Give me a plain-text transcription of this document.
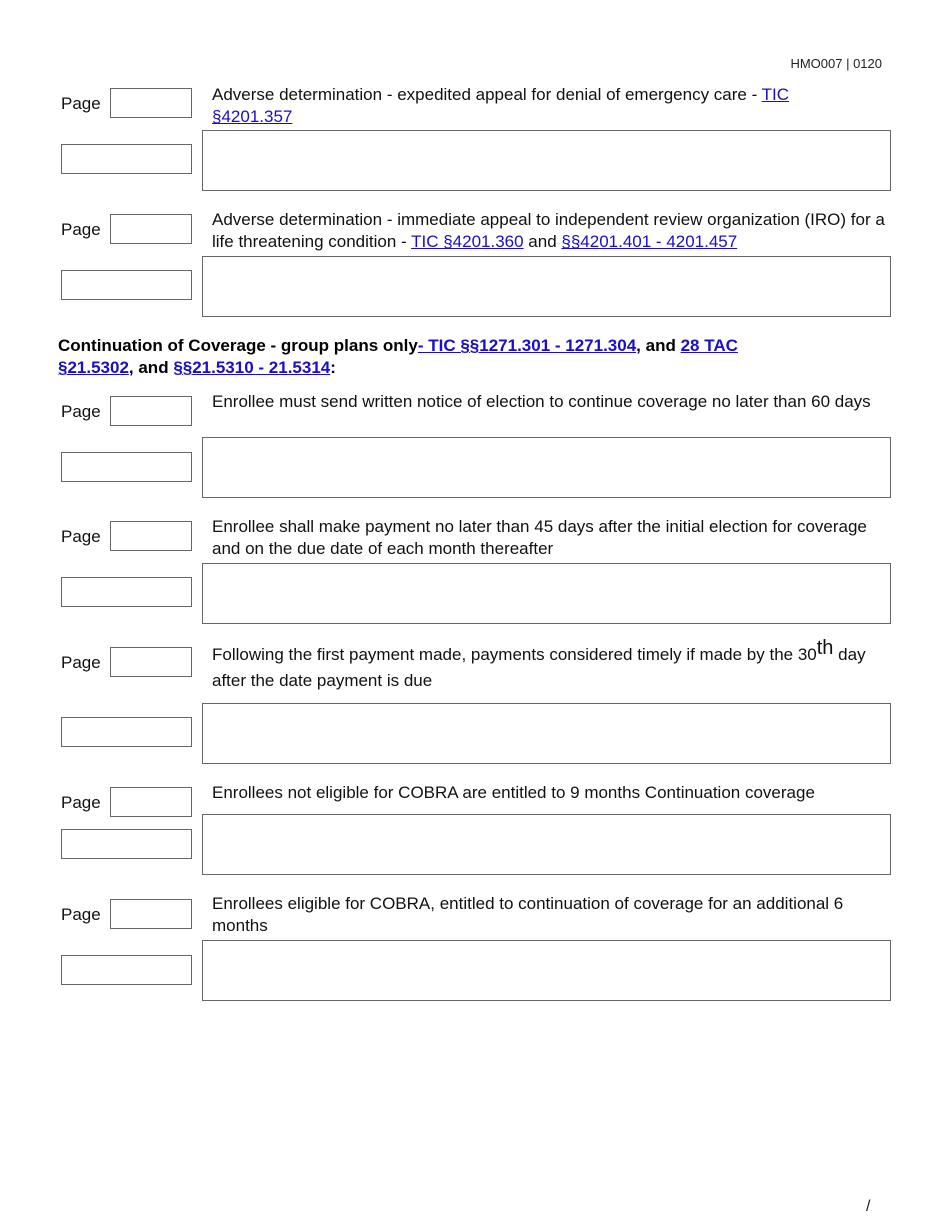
HMO007 | 0120
Page	Adverse determination - expedited appeal for denial of emergency care - TIC
§4201.357
Page
Adverse determination - immediate appeal to independent review organization (IRO) for a life threatening condition - TIC §4201.360 and §§4201.401 - 4201.457
Continuation of Coverage - group plans only- TIC §§1271.301 - 1271.304, and 28 TAC
§21.5302, and §§21.5310 - 21.5314:
Page
Enrollee must send written notice of election to continue coverage no later than 60 days
Page
Enrollee shall make payment no later than 45 days after the initial election for coverage and on the due date of each month thereafter
Page	Following the first payment made, payments considered timely if made by the 30th day after the date payment is due
Page
Enrollees not eligible for COBRA are entitled to 9 months Continuation coverage
Page
Enrollees eligible for COBRA, entitled to continuation of coverage for an additional 6 months
/
